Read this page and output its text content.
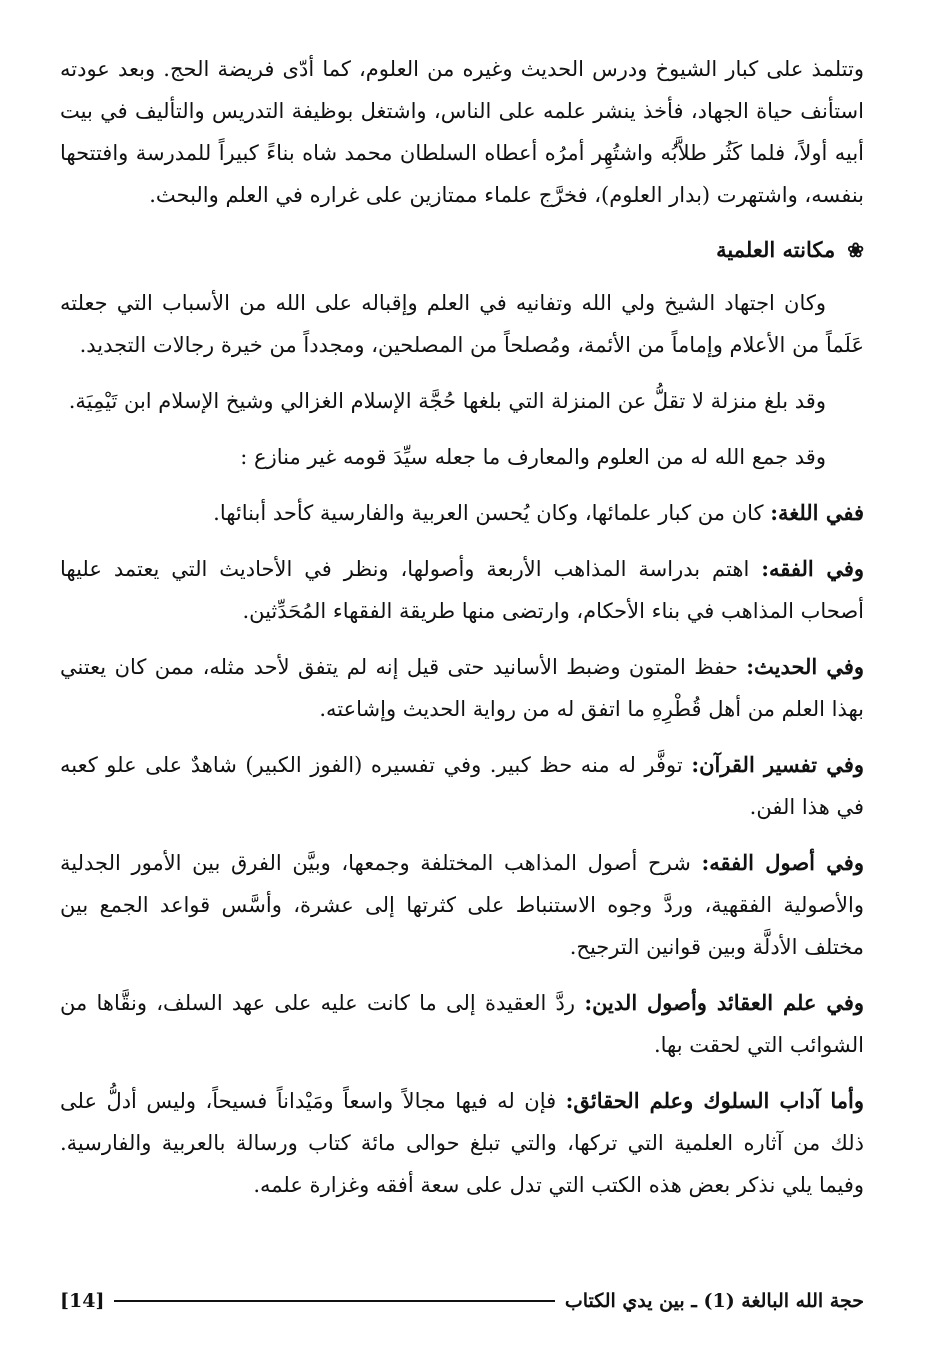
وتتلمذ على كبار الشيوخ ودرس الحديث وغيره من العلوم، كما أدّى فريضة الحج. وبعد عودته استأنف حياة الجهاد، فأخذ ينشر علمه على الناس، واشتغل بوظيفة التدريس والتأليف في بيت أبيه أولاً، فلما كَثُر طلاَّبُه واشتُهِر أمرُه أعطاه السلطان محمد شاه بناءً كبيراً للمدرسة وافتتحها بنفسه، واشتهرت (بدار العلوم)، فخرَّج علماء ممتازين على غراره في العلم والبحث.

❀
مكانته العلمية

وكان اجتهاد الشيخ ولي الله وتفانيه في العلم وإقباله على الله من الأسباب التي جعلته عَلَماً من الأعلام وإماماً من الأئمة، ومُصلحاً من المصلحين، ومجدداً من خيرة رجالات التجديد.

وقد بلغ منزلة لا تقلُّ عن المنزلة التي بلغها حُجَّة الإسلام الغزالي وشيخ الإسلام ابن تَيْمِيَة.

وقد جمع الله له من العلوم والمعارف ما جعله سيِّدَ قومه غير منازع :

ففي اللغة: كان من كبار علمائها، وكان يُحسن العربية والفارسية كأحد أبنائها.

وفي الفقه: اهتم بدراسة المذاهب الأربعة وأصولها، ونظر في الأحاديث التي يعتمد عليها أصحاب المذاهب في بناء الأحكام، وارتضى منها طريقة الفقهاء المُحَدِّثين.

وفي الحديث: حفظ المتون وضبط الأسانيد حتى قيل إنه لم يتفق لأحد مثله، ممن كان يعتني بهذا العلم من أهل قُطْرِهِ ما اتفق له من رواية الحديث وإشاعته.

وفي تفسير القرآن: توفَّر له منه حظ كبير. وفي تفسيره (الفوز الكبير) شاهدٌ على علو كعبه في هذا الفن.

وفي أصول الفقه: شرح أصول المذاهب المختلفة وجمعها، وبيَّن الفرق بين الأمور الجدلية والأصولية الفقهية، وردَّ وجوه الاستنباط على كثرتها إلى عشرة، وأسَّس قواعد الجمع بين مختلف الأدلَّة وبين قوانين الترجيح.

وفي علم العقائد وأصول الدين: ردَّ العقيدة إلى ما كانت عليه على عهد السلف، ونقَّاها من الشوائب التي لحقت بها.

وأما آداب السلوك وعلم الحقائق: فإن له فيها مجالاً واسعاً ومَيْداناً فسيحاً، وليس أدلُّ على ذلك من آثاره العلمية التي تركها، والتي تبلغ حوالى مائة كتاب ورسالة بالعربية والفارسية. وفيما يلي نذكر بعض هذه الكتب التي تدل على سعة أفقه وغزارة علمه.

حجة الله البالغة (1) ـ بين يدي الكتاب
[14]
